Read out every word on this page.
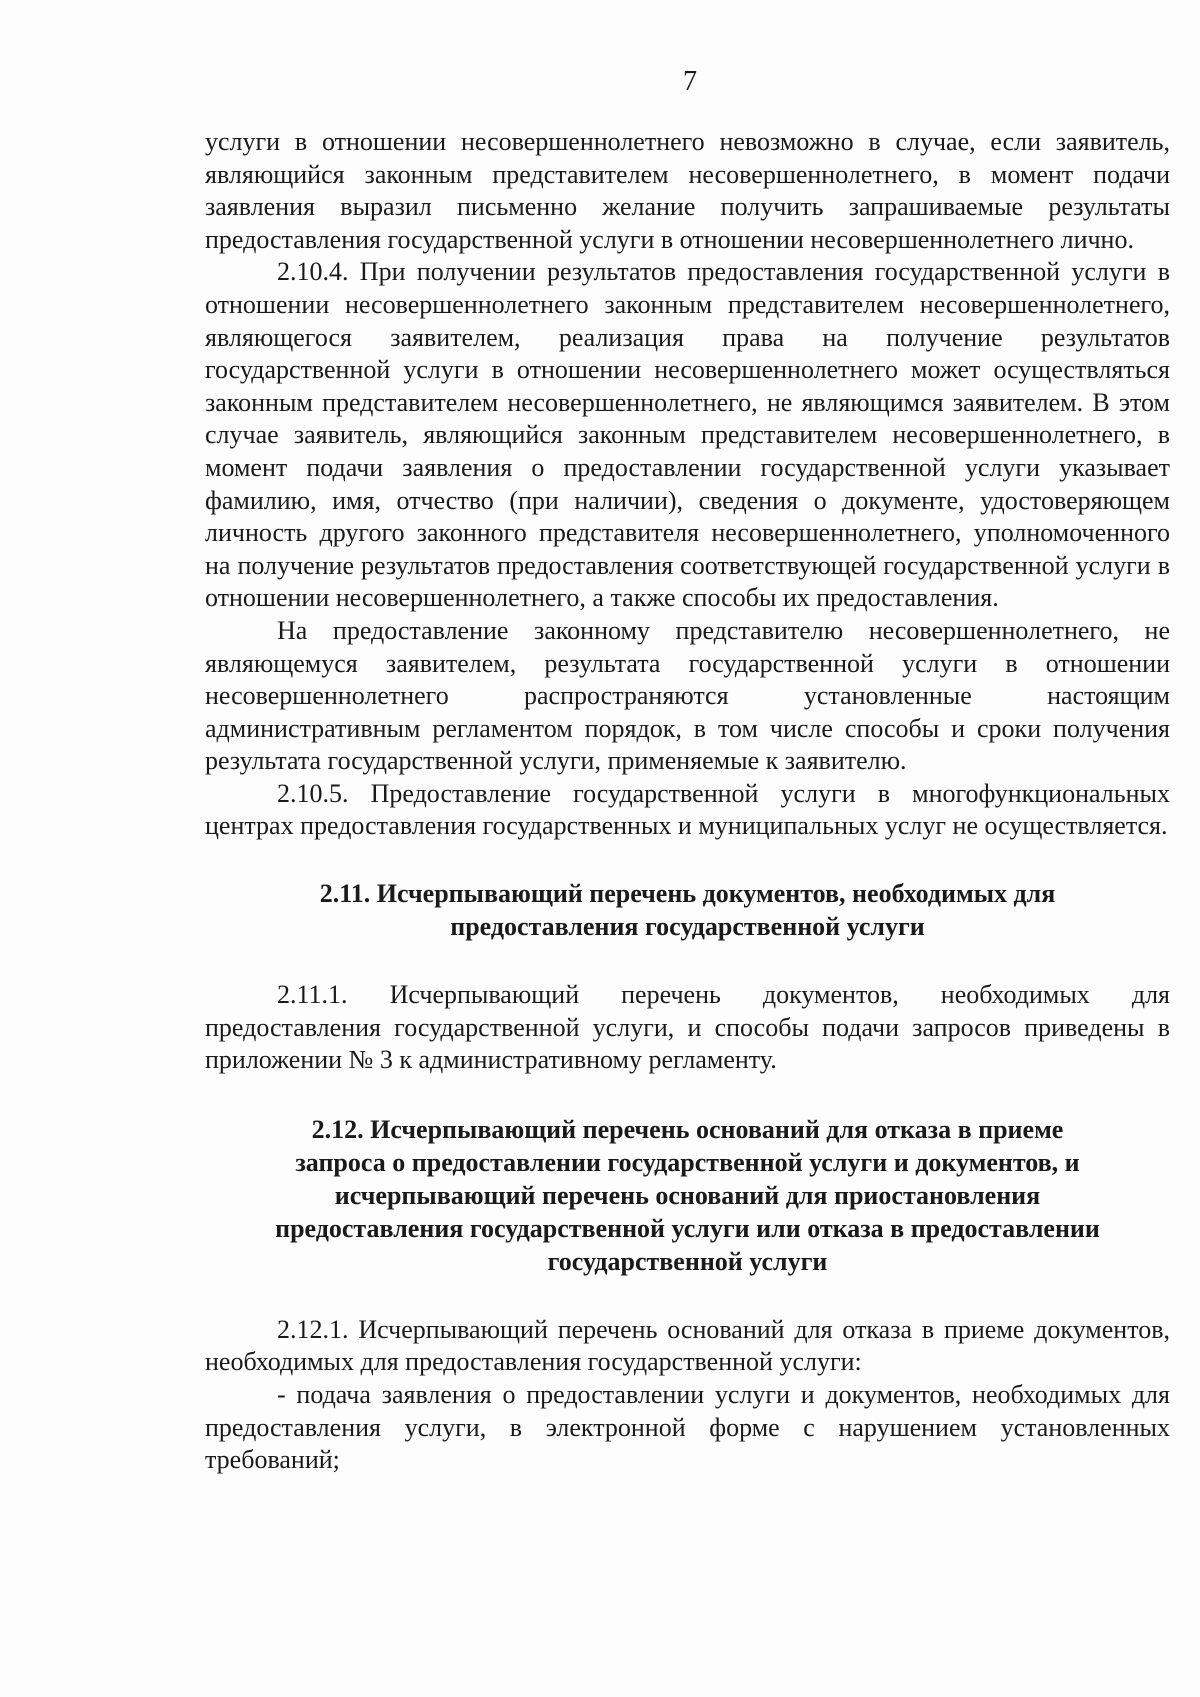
7

услуги в отношении несовершеннолетнего невозможно в случае, если заявитель, являющийся законным представителем несовершеннолетнего, в момент подачи заявления выразил письменно желание получить запрашиваемые результаты предоставления государственной услуги в отношении несовершеннолетнего лично.

2.10.4. При получении результатов предоставления государственной услуги в отношении несовершеннолетнего законным представителем несовершеннолетнего, являющегося заявителем, реализация права на получение результатов государственной услуги в отношении несовершеннолетнего может осуществляться законным представителем несовершеннолетнего, не являющимся заявителем. В этом случае заявитель, являющийся законным представителем несовершеннолетнего, в момент подачи заявления о предоставлении государственной услуги указывает фамилию, имя, отчество (при наличии), сведения о документе, удостоверяющем личность другого законного представителя несовершеннолетнего, уполномоченного на получение результатов предоставления соответствующей государственной услуги в отношении несовершеннолетнего, а также способы их предоставления.

На предоставление законному представителю несовершеннолетнего, не являющемуся заявителем, результата государственной услуги в отношении несовершеннолетнего распространяются установленные настоящим административным регламентом порядок, в том числе способы и сроки получения результата государственной услуги, применяемые к заявителю.

2.10.5. Предоставление государственной услуги в многофункциональных центрах предоставления государственных и муниципальных услуг не осуществляется.

2.11. Исчерпывающий перечень документов, необходимых для

предоставления государственной услуги

2.11.1. Исчерпывающий перечень документов, необходимых для предоставления государственной услуги, и способы подачи запросов приведены в приложении № 3 к административному регламенту.

2.12. Исчерпывающий перечень оснований для отказа в приеме

запроса о предоставлении государственной услуги и документов, и

исчерпывающий перечень оснований для приостановления

предоставления государственной услуги или отказа в предоставлении

государственной услуги

2.12.1. Исчерпывающий перечень оснований для отказа в приеме документов, необходимых для предоставления государственной услуги:

- подача заявления о предоставлении услуги и документов, необходимых для предоставления услуги, в электронной форме с нарушением установленных требований;
